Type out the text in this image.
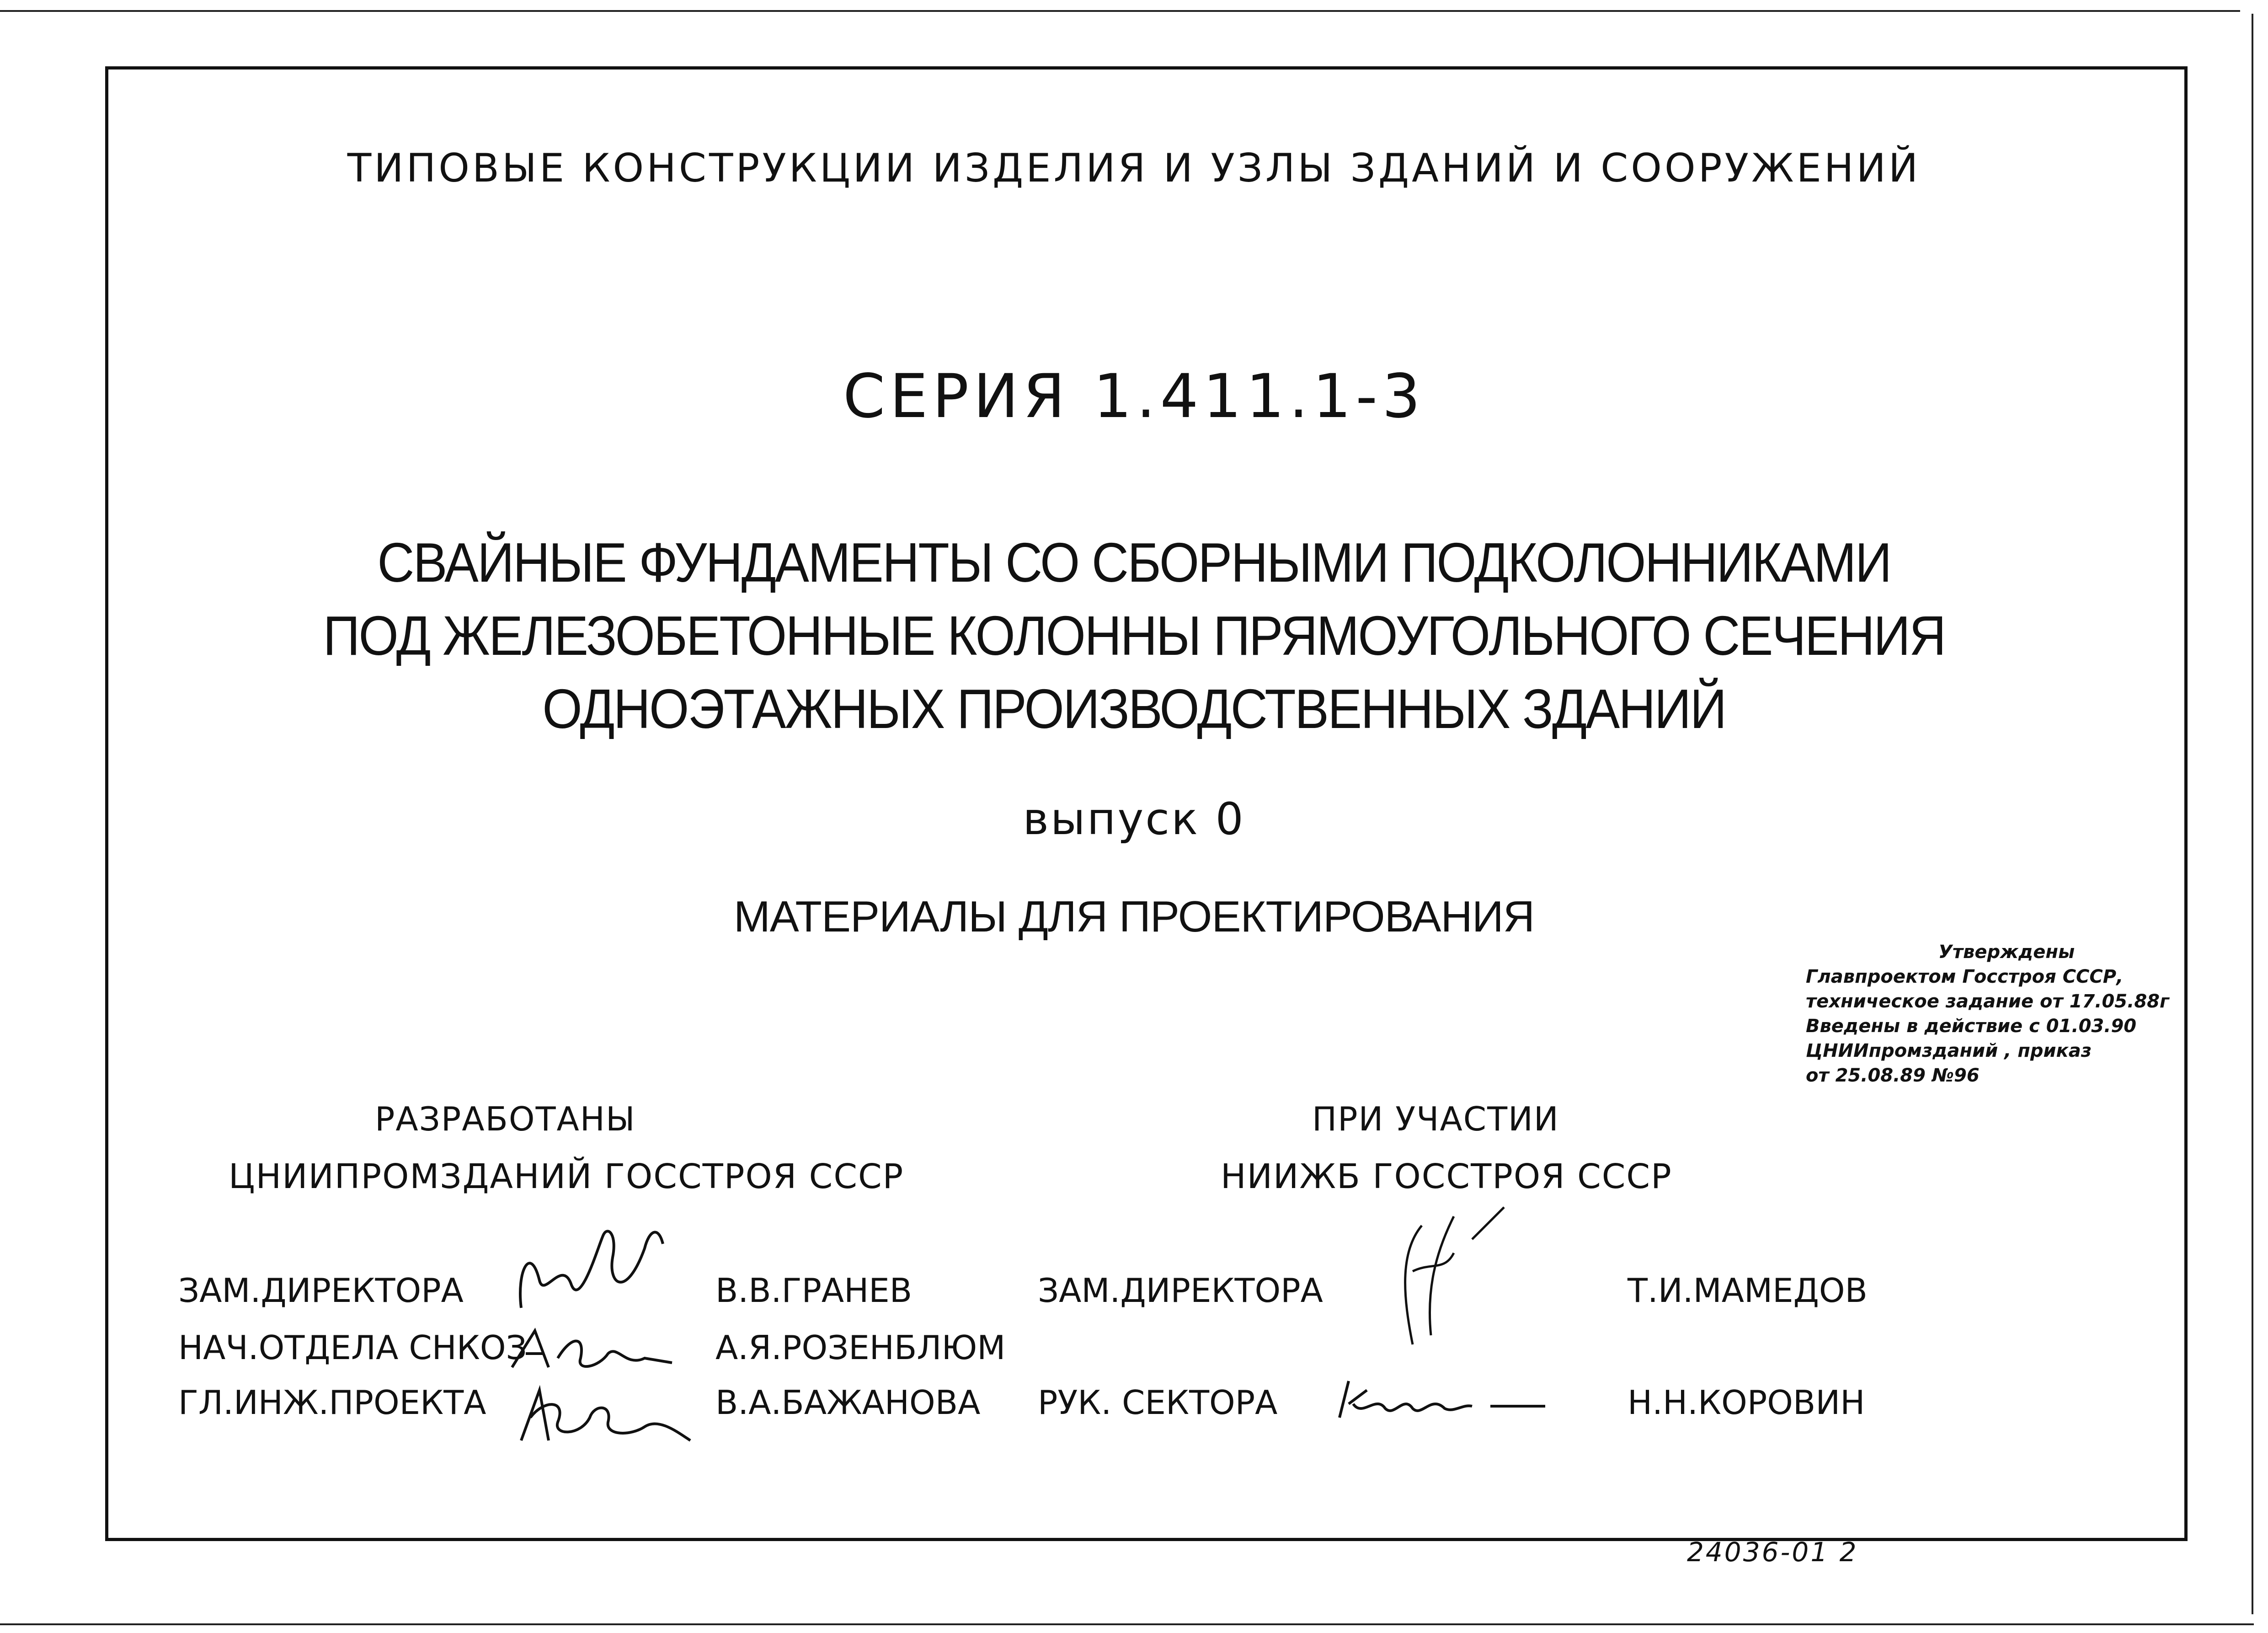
ТИПОВЫЕ КОНСТРУКЦИИ ИЗДЕЛИЯ И УЗЛЫ ЗДАНИЙ И СООРУЖЕНИЙ
СЕРИЯ 1.411.1-3
СВАЙНЫЕ ФУНДАМЕНТЫ СО СБОРНЫМИ ПОДКОЛОННИКАМИ
ПОД ЖЕЛЕЗОБЕТОННЫЕ КОЛОННЫ ПРЯМОУГОЛЬНОГО СЕЧЕНИЯ
ОДНОЭТАЖНЫХ ПРОИЗВОДСТВЕННЫХ ЗДАНИЙ
выпуск 0
МАТЕРИАЛЫ ДЛЯ ПРОЕКТИРОВАНИЯ
Утверждены
Главпроектом Госстроя СССР,
техническое задание от 17.05.88г
Введены в действие с 01.03.90
ЦНИИпромзданий , приказ
от 25.08.89 №96
РАЗРАБОТАНЫ
ЦНИИПРОМЗДАНИЙ ГОССТРОЯ СССР
ЗАМ.ДИРЕКТОРА	В.В.ГРАНЕВ
НАЧ.ОТДЕЛА СНКОЗ	А.Я.РОЗЕНБЛЮМ
ГЛ.ИНЖ.ПРОЕКТА	В.А.БАЖАНОВА
ПРИ УЧАСТИИ
НИИЖБ ГОССТРОЯ СССР
ЗАМ.ДИРЕКТОРА	Т.И.МАМЕДОВ
РУК. СЕКТОРА	Н.Н.КОРОВИН
24036-01 2
